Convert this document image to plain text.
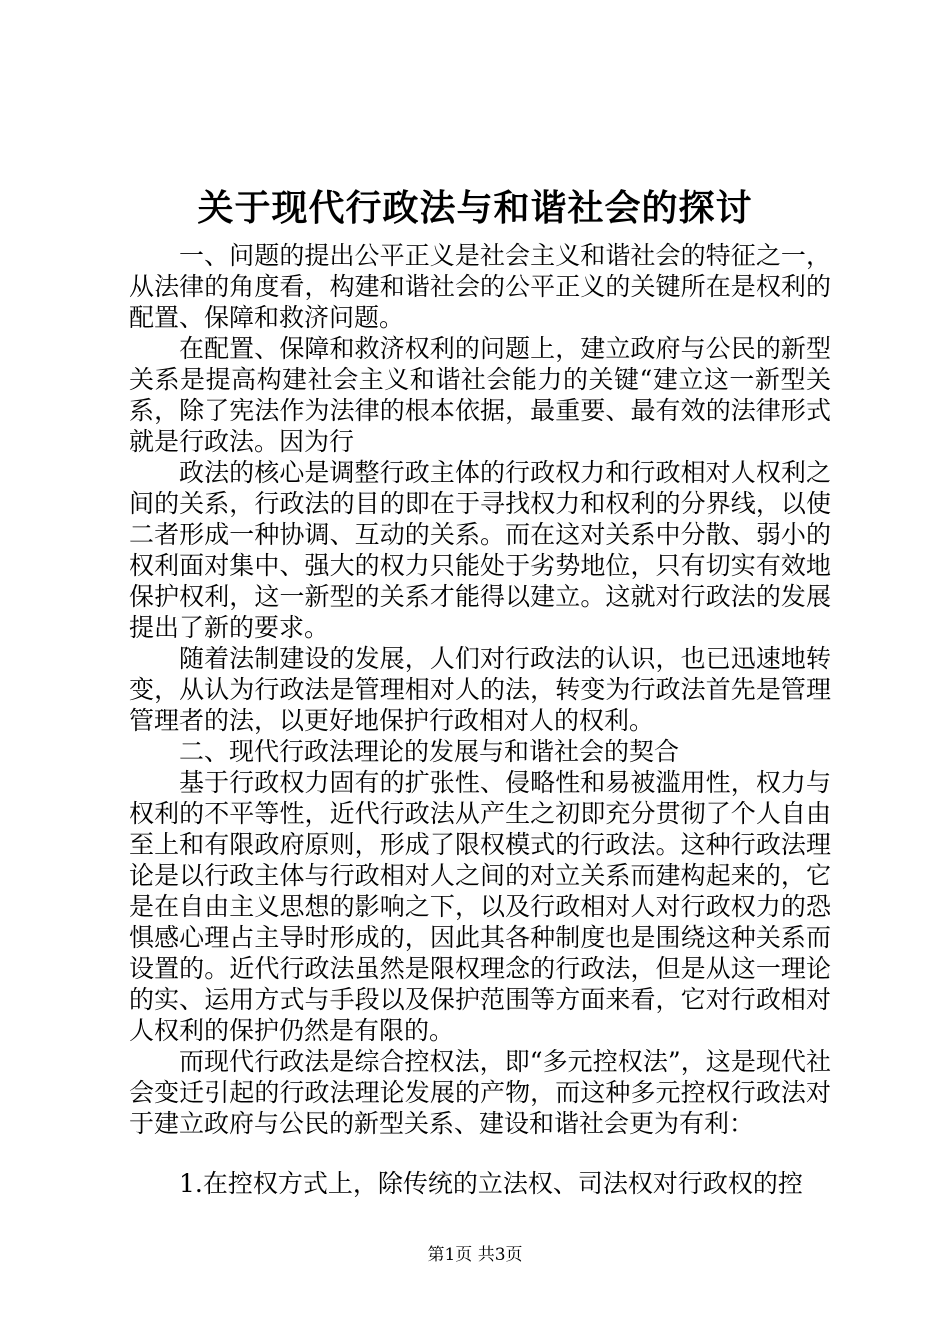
关于现代行政法与和谐社会的探讨

一、问题的提出公平正义是社会主义和谐社会的特征之一，从法律的角度看，构建和谐社会的公平正义的关键所在是权利的配置、保障和救济问题。

在配置、保障和救济权利的问题上，建立政府与公民的新型关系是提高构建社会主义和谐社会能力的关键“建立这一新型关系，除了宪法作为法律的根本依据，最重要、最有效的法律形式就是行政法。因为行

政法的核心是调整行政主体的行政权力和行政相对人权利之间的关系，行政法的目的即在于寻找权力和权利的分界线，以使二者形成一种协调、互动的关系。而在这对关系中分散、弱小的权利面对集中、强大的权力只能处于劣势地位，只有切实有效地保护权利，这一新型的关系才能得以建立。这就对行政法的发展提出了新的要求。

随着法制建设的发展，人们对行政法的认识，也已迅速地转变，从认为行政法是管理相对人的法，转变为行政法首先是管理管理者的法，以更好地保护行政相对人的权利。

二、现代行政法理论的发展与和谐社会的契合

基于行政权力固有的扩张性、侵略性和易被滥用性，权力与权利的不平等性，近代行政法从产生之初即充分贯彻了个人自由至上和有限政府原则，形成了限权模式的行政法。这种行政法理论是以行政主体与行政相对人之间的对立关系而建构起来的，它是在自由主义思想的影响之下，以及行政相对人对行政权力的恐惧感心理占主导时形成的，因此其各种制度也是围绕这种关系而设置的。近代行政法虽然是限权理念的行政法，但是从这一理论的实、运用方式与手段以及保护范围等方面来看，它对行政相对人权利的保护仍然是有限的。

而现代行政法是综合控权法，即“多元控权法”，这是现代社会变迁引起的行政法理论发展的产物，而这种多元控权行政法对于建立政府与公民的新型关系、建设和谐社会更为有利：

1.在控权方式上，除传统的立法权、司法权对行政权的控

第1页 共3页
